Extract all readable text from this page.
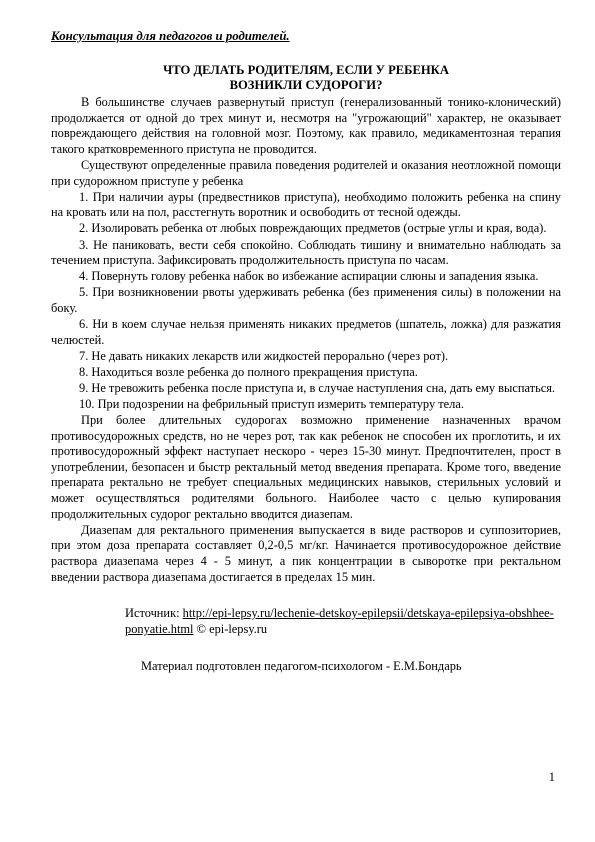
Консультация для педагогов и родителей.
ЧТО ДЕЛАТЬ РОДИТЕЛЯМ, ЕСЛИ У РЕБЕНКА
ВОЗНИКЛИ СУДОРОГИ?

В большинстве случаев развернутый приступ (генерализованный тонико-клонический) продолжается от одной до трех минут и, несмотря на "угрожающий" характер, не оказывает повреждающего действия на головной мозг. Поэтому, как правило, медикаментозная терапия такого кратковременного приступа не проводится.

Существуют определенные правила поведения родителей и оказания неотложной помощи при судорожном приступе у ребенка

1. При наличии ауры (предвестников приступа), необходимо положить ребенка на спину на кровать или на пол, расстегнуть воротник и освободить от тесной одежды.

2. Изолировать ребенка от любых повреждающих предметов (острые углы и края, вода).

3. Не паниковать, вести себя спокойно. Соблюдать тишину и внимательно наблюдать за течением приступа. Зафиксировать продолжительность приступа по часам.

4. Повернуть голову ребенка набок во избежание аспирации слюны и западения языка.

5. При возникновении рвоты удерживать ребенка (без применения силы) в положении на боку.

6. Ни в коем случае нельзя применять никаких предметов (шпатель, ложка) для разжатия челюстей.

7. Не давать никаких лекарств или жидкостей перорально (через рот).

8. Находиться возле ребенка до полного прекращения приступа.

9. Не тревожить ребенка после приступа и, в случае наступления сна, дать ему выспаться.

10. При подозрении на фебрильный приступ измерить температуру тела.

При более длительных судорогах возможно применение назначенных врачом противосудорожных средств, но не через рот, так как ребенок не способен их проглотить, и их противосудорожный эффект наступает нескоро - через 15-30 минут. Предпочтителен, прост в употреблении, безопасен и быстр ректальный метод введения препарата. Кроме того, введение препарата ректально не требует специальных медицинских навыков, стерильных условий и может осуществляться родителями больного. Наиболее часто с целью купирования продолжительных судорог ректально вводится диазепам.

Диазепам для ректального применения выпускается в виде растворов и суппозиториев, при этом доза препарата составляет 0,2-0,5 мг/кг. Начинается противосудорожное действие раствора диазепама через 4 - 5 минут, а пик концентрации в сыворотке при ректальном введении раствора диазепама достигается в пределах 15 мин.

Источник: http://epi-lepsy.ru/lechenie-detskoy-epilepsii/detskaya-epilepsiya-obshhee-ponyatie.html © epi-lepsy.ru
Материал подготовлен педагогом-психологом - Е.М.Бондарь
1
